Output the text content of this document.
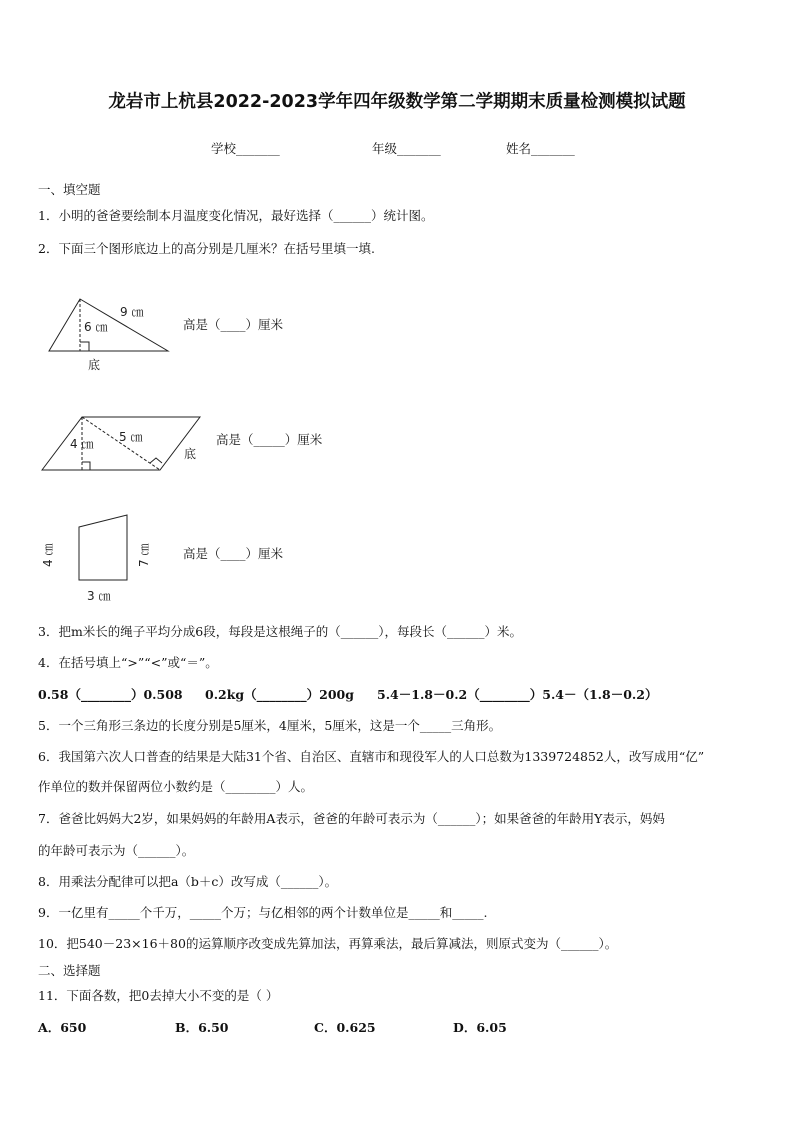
龙岩市上杭县2022-2023学年四年级数学第二学期期末质量检测模拟试题
学校_______	年级_______	姓名_______
一、填空题
1．小明的爸爸要绘制本月温度变化情况，最好选择（______）统计图。
2．下面三个图形底边上的高分别是几厘米？在括号里填一填.
9 ㎝
6 ㎝
底
4 ㎝ 5 ㎝
底
4 ㎝	7 ㎝
3 ㎝
高是（____）厘米
高是（_____）厘米
高是（____）厘米
3．把m米长的绳子平均分成6段，每段是这根绳子的（______），每段长（______）米。
4．在括号填上“>”“<”或“＝”。
0.58（________）0.508 0.2kg（________）200g 5.4－1.8－0.2（________）5.4－（1.8－0.2）
5．一个三角形三条边的长度分别是5厘米，4厘米，5厘米，这是一个_____三角形。
6．我国第六次人口普查的结果是大陆31个省、自治区、直辖市和现役军人的人口总数为1339724852人，改写成用“亿”
作单位的数并保留两位小数约是（________）人。
7．爸爸比妈妈大2岁，如果妈妈的年龄用A表示，爸爸的年龄可表示为（______）；如果爸爸的年龄用Y表示，妈妈
的年龄可表示为（______）。
8．用乘法分配律可以把a（b＋c）改写成（______）。
9．一亿里有_____个千万，_____个万；与亿相邻的两个计数单位是_____和_____.
10．把540－23×16＋80的运算顺序改变成先算加法，再算乘法，最后算减法，则原式变为（______）。
二、选择题
11．下面各数，把0去掉大小不变的是（ ）
A．650	B．6.50	C．0.625	D．6.05
